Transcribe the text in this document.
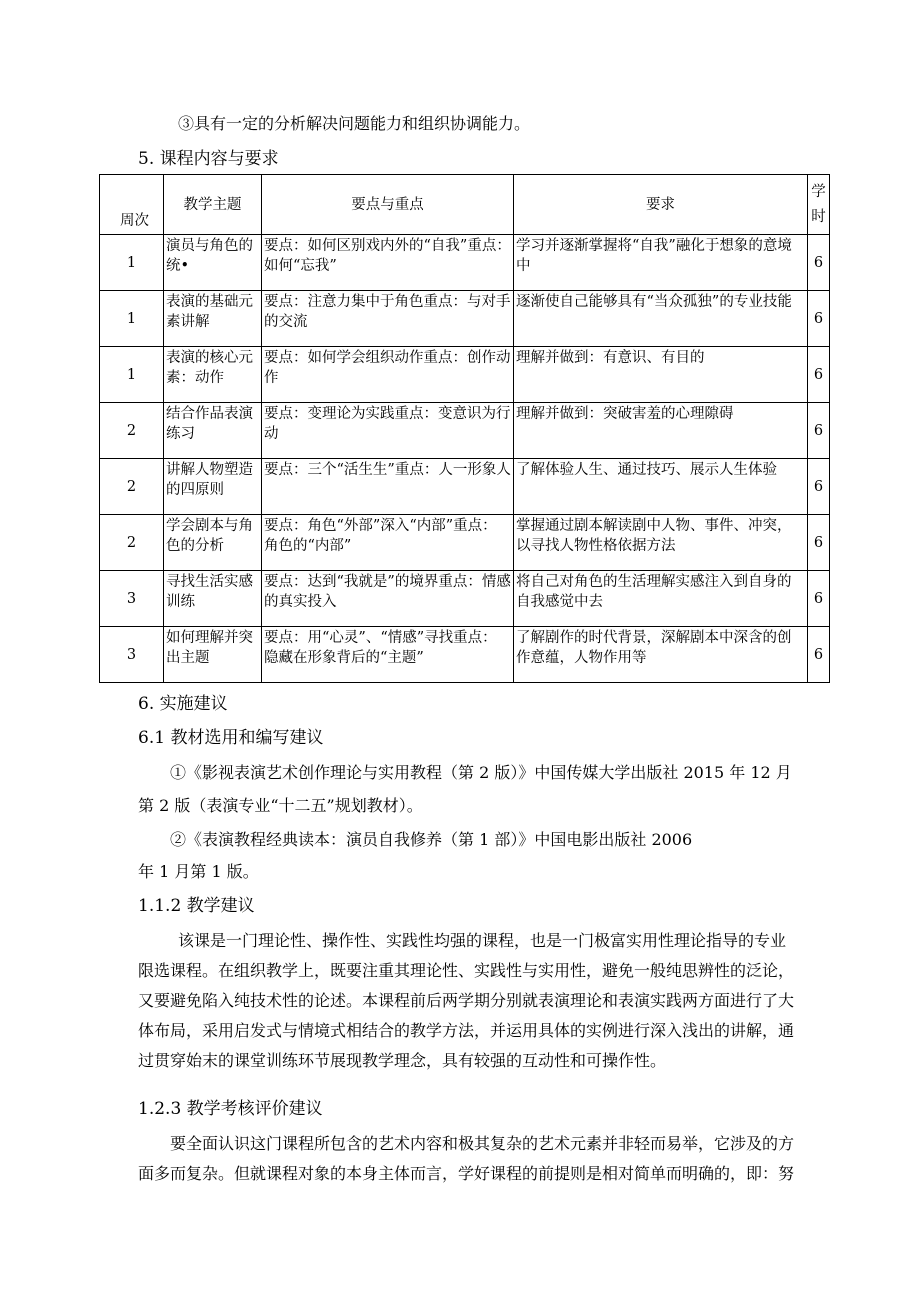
③具有一定的分析解决问题能力和组织协调能力。
5. 课程内容与要求
周次	教学主题	要点与重点	要求	学
时
1	演员与角色的统•	要点：如何区别戏内外的“自我”重点：如何“忘我”	学习并逐渐掌握将“自我”融化于想象的意境中	6
1	表演的基础元素讲解	要点：注意力集中于角色重点：与对手的交流	逐渐使自己能够具有“当众孤独”的专业技能	6
1	表演的核心元素：动作	要点：如何学会组织动作重点：创作动作	理解并做到：有意识、有目的	6
2	结合作品表演练习	要点：变理论为实践重点：变意识为行动	理解并做到：突破害羞的心理隙碍	6
2	讲解人物塑造的四原则	要点：三个“活生生”重点：人一形象人	了解体验人生、通过技巧、展示人生体验	6
2	学会剧本与角色的分析	要点：角色“外部”深入“内部”重点：角色的“内部”	掌握通过剧本解读剧中人物、事件、冲突，以寻找人物性格依据方法	6
3	寻找生活实感训练	要点：达到“我就是”的境界重点：情感的真实投入	将自己对角色的生活理解实感注入到自身的自我感觉中去	6
3	如何理解并突出主题	要点：用“心灵”、“情感”寻找重点：隐藏在形象背后的“主题”	了解剧作的时代背景，深解剧本中深含的创作意蕴，人物作用等	6
6. 实施建议
6.1 教材选用和编写建议
①《影视表演艺术创作理论与实用教程（第 2 版）》中国传媒大学出版社 2015 年 12 月
第 2 版（表演专业“十二五”规划教材）。
②《表演教程经典读本：演员自我修养（第 1 部）》中国电影出版社 2006
年 1 月第 1 版。
1.1.2 教学建议
该课是一门理论性、操作性、实践性均强的课程，也是一门极富实用性理论指导的专业
限选课程。在组织教学上，既要注重其理论性、实践性与实用性，避免一般纯思辨性的泛论，
又要避免陷入纯技术性的论述。本课程前后两学期分别就表演理论和表演实践两方面进行了大
体布局，采用启发式与情境式相结合的教学方法，并运用具体的实例进行深入浅出的讲解，通
过贯穿始末的课堂训练环节展现教学理念，具有较强的互动性和可操作性。
1.2.3 教学考核评价建议
要全面认识这门课程所包含的艺术内容和极其复杂的艺术元素并非轻而易举，它涉及的方
面多而复杂。但就课程对象的本身主体而言，学好课程的前提则是相对简单而明确的，即：努
